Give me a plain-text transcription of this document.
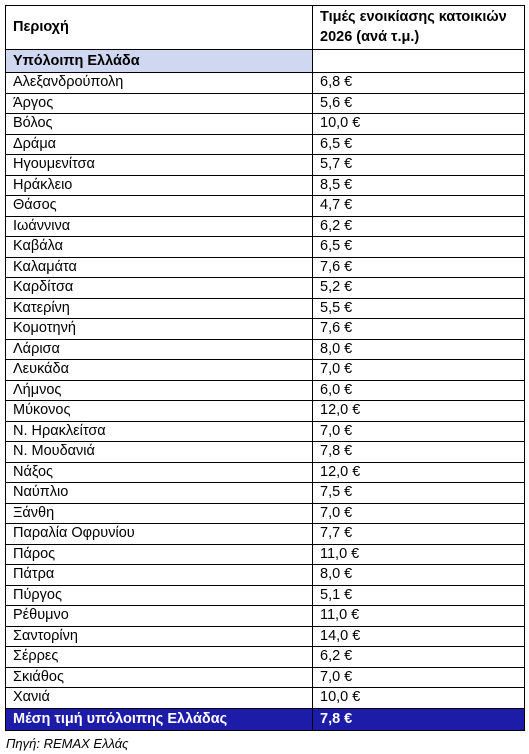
Περιοχή	Τιμές ενοικίασης κατοικιών 2026 (ανά τ.μ.)
Υπόλοιπη Ελλάδα	
Αλεξανδρούπολη	6,8 €
Άργος	5,6 €
Βόλος	10,0 €
Δράμα	6,5 €
Ηγουμενίτσα	5,7 €
Ηράκλειο	8,5 €
Θάσος	4,7 €
Ιωάννινα	6,2 €
Καβάλα	6,5 €
Καλαμάτα	7,6 €
Καρδίτσα	5,2 €
Κατερίνη	5,5 €
Κομοτηνή	7,6 €
Λάρισα	8,0 €
Λευκάδα	7,0 €
Λήμνος	6,0 €
Μύκονος	12,0 €
Ν. Ηρακλείτσα	7,0 €
Ν. Μουδανιά	7,8 €
Νάξος	12,0 €
Ναύπλιο	7,5 €
Ξάνθη	7,0 €
Παραλία Οφρυνίου	7,7 €
Πάρος	11,0 €
Πάτρα	8,0 €
Πύργος	5,1 €
Ρέθυμνο	11,0 €
Σαντορίνη	14,0 €
Σέρρες	6,2 €
Σκιάθος	7,0 €
Χανιά	10,0 €
Μέση τιμή υπόλοιπης Ελλάδας	7,8 €
Πηγή: REMAX Ελλάς
